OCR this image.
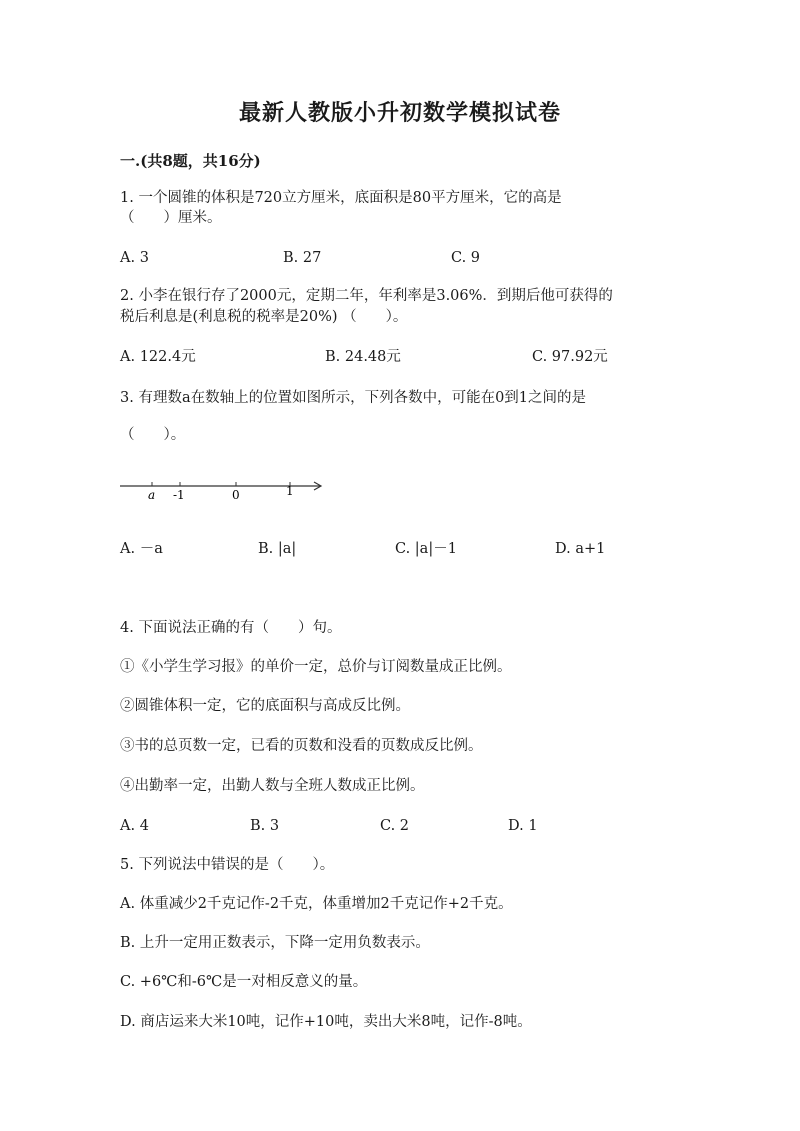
最新人教版小升初数学模拟试卷
一.(共8题，共16分)
1. 一个圆锥的体积是720立方厘米，底面积是80平方厘米，它的高是
（　　）厘米。
A. 3	B. 27	C. 9
2. 小李在银行存了2000元，定期二年，年利率是3.06%．到期后他可获得的
税后利息是(利息税的税率是20%) （　　）。
A. 122.4元	B. 24.48元	C. 97.92元
3. 有理数a在数轴上的位置如图所示，下列各数中，可能在0到1之间的是
（　　）。
a -1	0	1
A. －a	B. |a|	C. |a|－1	D. a+1
4. 下面说法正确的有（　　）句。
①《小学生学习报》的单价一定，总价与订阅数量成正比例。
②圆锥体积一定，它的底面积与高成反比例。
③书的总页数一定，已看的页数和没看的页数成反比例。
④出勤率一定，出勤人数与全班人数成正比例。
A. 4	B. 3	C. 2	D. 1
5. 下列说法中错误的是（　　）。
A. 体重减少2千克记作-2千克，体重增加2千克记作+2千克。
B. 上升一定用正数表示，下降一定用负数表示。
C. +6℃和-6℃是一对相反意义的量。
D. 商店运来大米10吨，记作+10吨，卖出大米8吨，记作-8吨。
